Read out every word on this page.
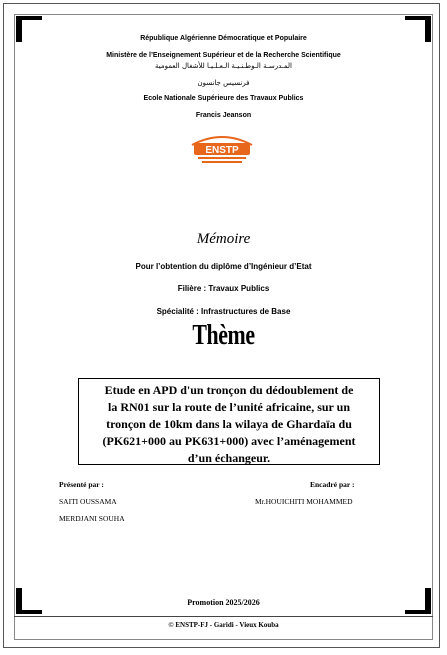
République Algérienne Démocratique et Populaire
Ministère de l’Enseignement Supérieur et de la Recherche Scientifique
المـدرسـة الـوطـنـيـة الـعـلـيـا للأشغال العمومية
فرنسيس جانسون
Ecole Nationale Supérieure des Travaux Publics
Francis Jeanson
ENSTP
Mémoire
Pour l’obtention du diplôme d’Ingénieur d’Etat
Filière : Travaux Publics
Spécialité : Infrastructures de Base
Thème
Etude en APD d'un tronçon du dédoublement de
la RN01 sur la route de l’unité africaine, sur un
tronçon de 10km dans la wilaya de Ghardaïa du
(PK621+000 au PK631+000) avec l’aménagement
d’un échangeur.
Présenté par :
SAITI OUSSAMA
MERDJANI SOUHA
Encadré par :
Mr.HOUICHITI MOHAMMED
Promotion 2025/2026
© ENSTP-FJ - Garidi - Vieux Kouba
